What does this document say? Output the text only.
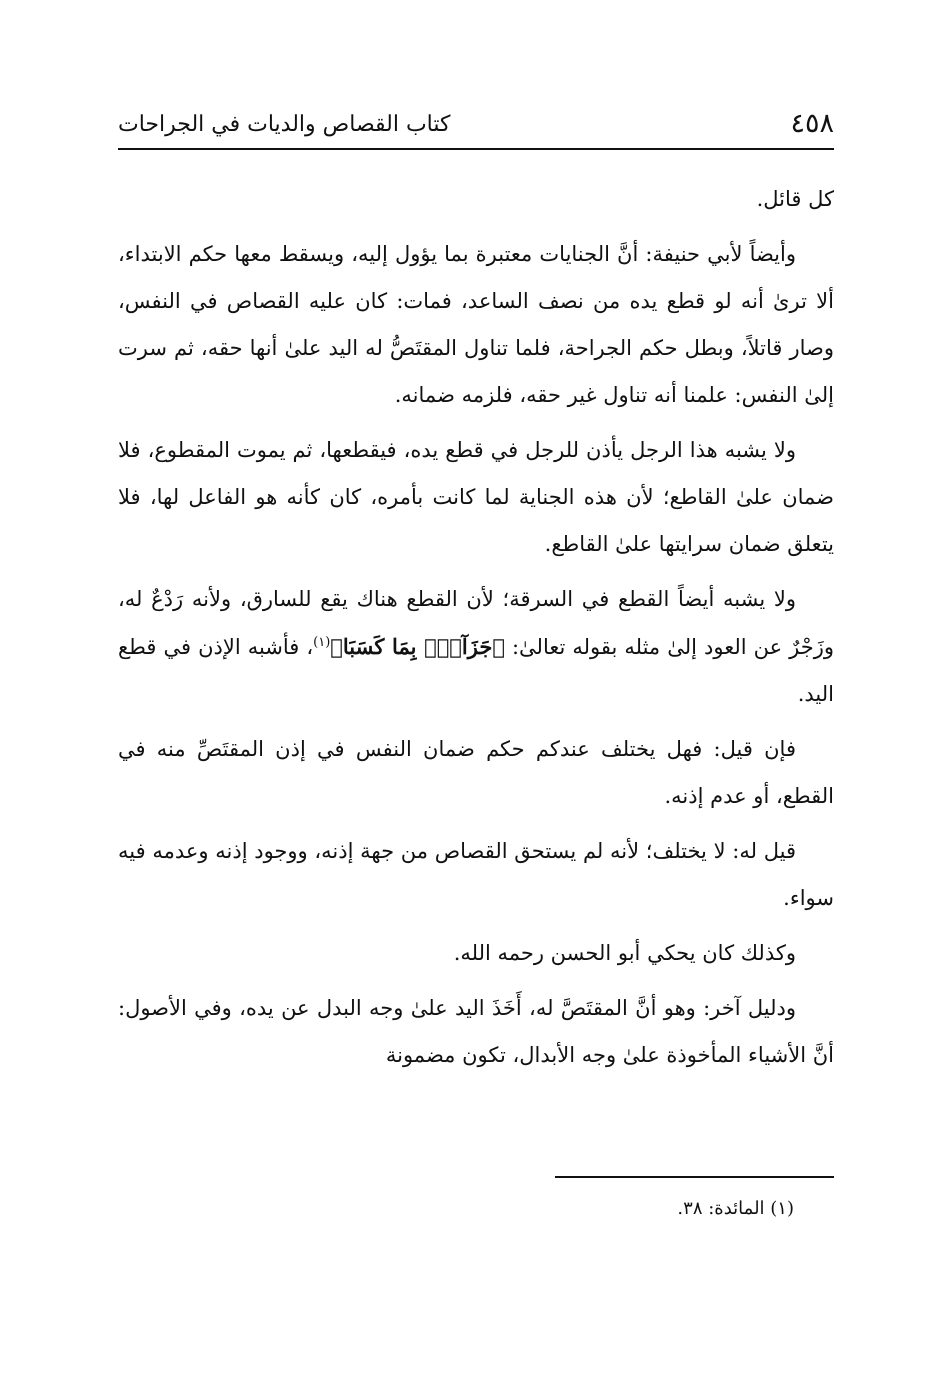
٤٥٨
كتاب القصاص والديات في الجراحات

كل قائل.

وأيضاً لأبي حنيفة: أنَّ الجنايات معتبرة بما يؤول إليه، ويسقط معها حكم الابتداء، ألا ترىٰ أنه لو قطع يده من نصف الساعد، فمات: كان عليه القصاص في النفس، وصار قاتلاً، وبطل حكم الجراحة، فلما تناول المقتَصُّ له اليد علىٰ أنها حقه، ثم سرت إلىٰ النفس: علمنا أنه تناول غير حقه، فلزمه ضمانه.

ولا يشبه هذا الرجل يأذن للرجل في قطع يده، فيقطعها، ثم يموت المقطوع، فلا ضمان علىٰ القاطع؛ لأن هذه الجناية لما كانت بأمره، كان كأنه هو الفاعل لها، فلا يتعلق ضمان سرايتها علىٰ القاطع.

ولا يشبه أيضاً القطع في السرقة؛ لأن القطع هناك يقع للسارق، ولأنه رَدْعٌ له، وزَجْرٌ عن العود إلىٰ مثله بقوله تعالىٰ: ﴿جَزَآءَۢ بِمَا كَسَبَا﴾$^{(١)}$، فأشبه الإذن في قطع اليد.

فإن قيل: فهل يختلف عندكم حكم ضمان النفس في إذن المقتَصِّ منه في القطع، أو عدم إذنه.

قيل له: لا يختلف؛ لأنه لم يستحق القصاص من جهة إذنه، ووجود إذنه وعدمه فيه سواء.

وكذلك كان يحكي أبو الحسن رحمه الله.

ودليل آخر: وهو أنَّ المقتَصَّ له، أَخَذَ اليد علىٰ وجه البدل عن يده، وفي الأصول: أنَّ الأشياء المأخوذة علىٰ وجه الأبدال، تكون مضمونة

(١) المائدة: ٣٨.
